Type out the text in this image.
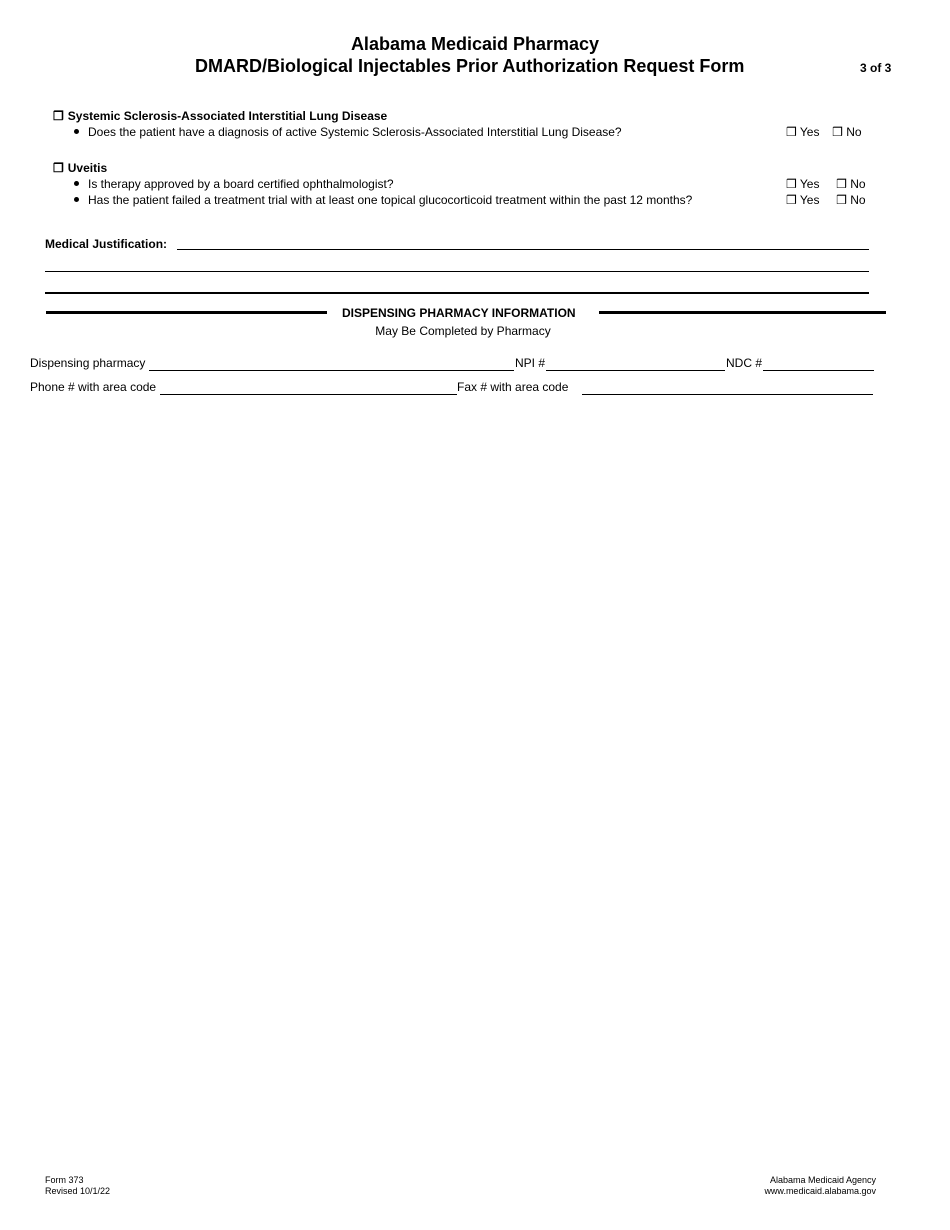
Alabama Medicaid Pharmacy
DMARD/Biological Injectables Prior Authorization Request Form	3 of 3
❒ Systemic Sclerosis-Associated Interstitial Lung Disease
Does the patient have a diagnosis of active Systemic Sclerosis-Associated Interstitial Lung Disease?	❒ Yes ❒ No
❒ Uveitis
Is therapy approved by a board certified ophthalmologist?	❒ Yes ❒ No
Has the patient failed a treatment trial with at least one topical glucocorticoid treatment within the past 12 months?	❒ Yes ❒ No
Medical Justification:
DISPENSING PHARMACY INFORMATION
May Be Completed by Pharmacy
Dispensing pharmacy	NPI #	NDC #
Phone # with area code	Fax # with area code
Form 373
Revised 10/1/22
Alabama Medicaid Agency
www.medicaid.alabama.gov
